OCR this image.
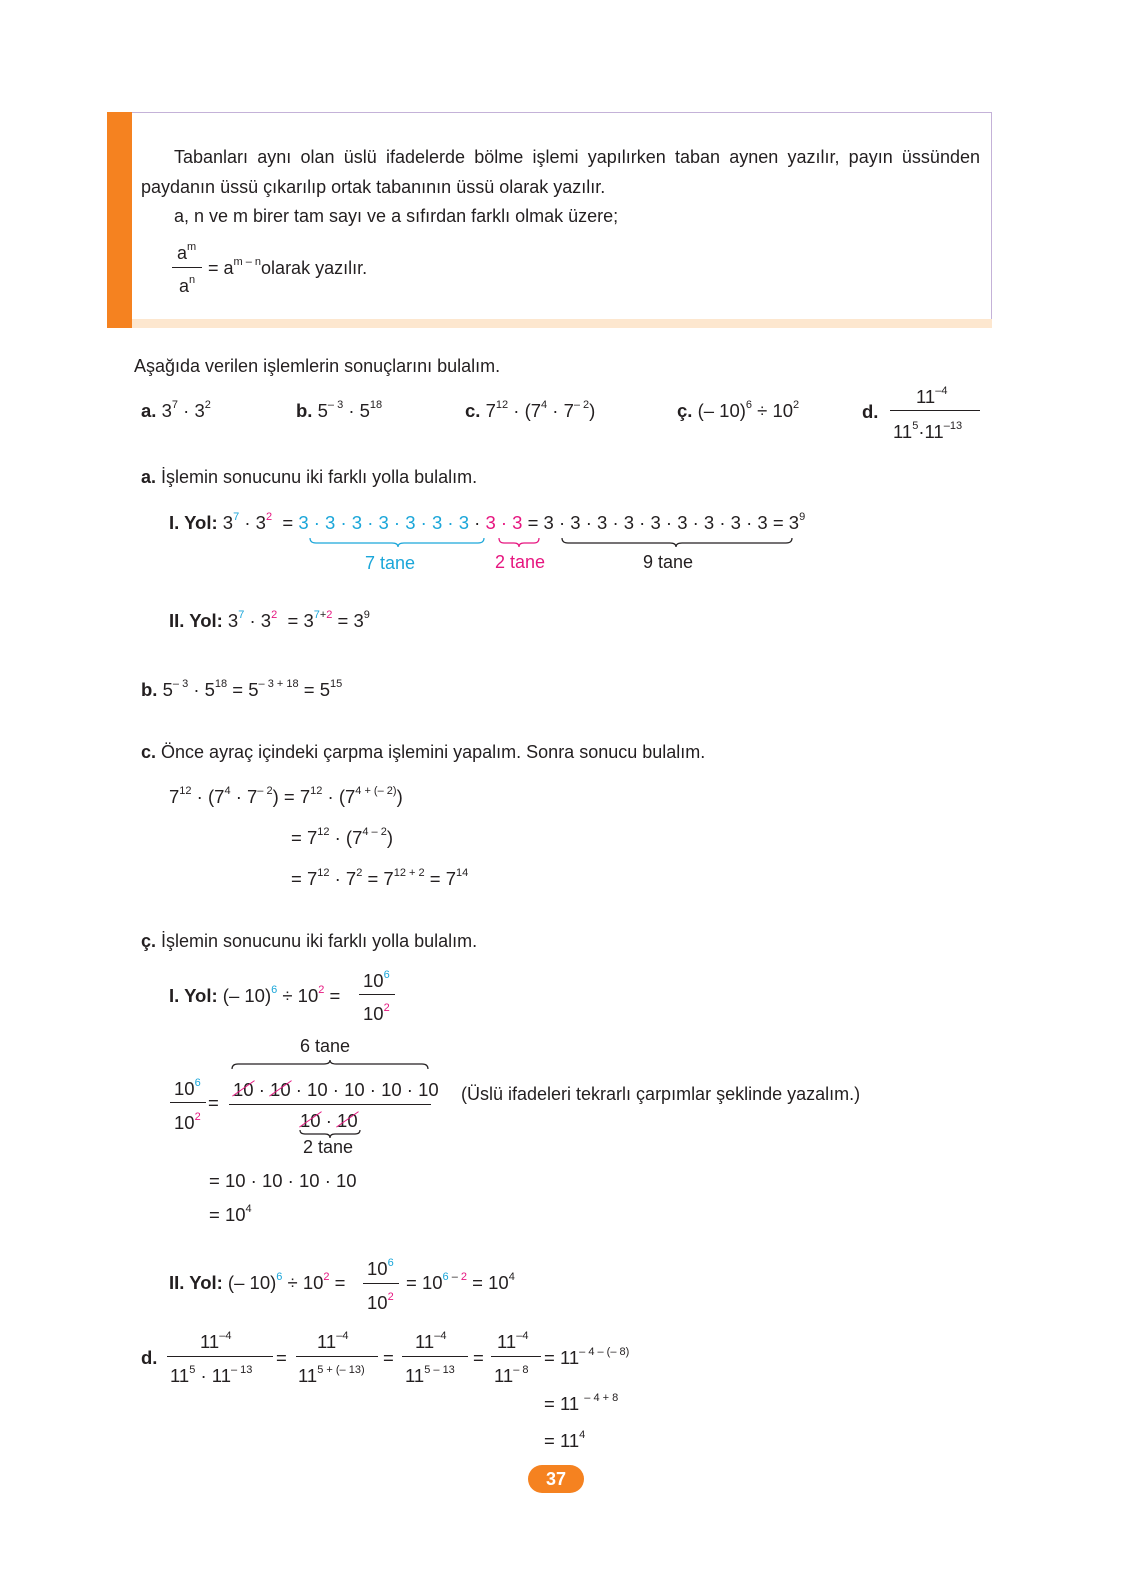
Tabanları aynı olan üslü ifadelerde bölme işlemi yapılırken taban aynen yazılır, payın üssünden
paydanın üssü çıkarılıp ortak tabanının üssü olarak yazılır.
a, n ve m birer tam sayı ve a sıfırdan farklı olmak üzere;
$a^m$
$a^n$
= $a^{m - n}olarak$ yazılır.
Aşağıda verilen işlemlerin sonuçlarını bulalım.
a. $3^7 \cdot 3^2$	b. $5^{- 3} \cdot 5^{18}$	c. $7^{12} \cdot (7^4 \cdot 7^{- 2})$	ç. (– $10)^6 \div 10^2$	d.
$11^{-4}$
$11^5\cdot 11^{-13}$
a. İşlemin sonucunu iki farklı yolla bulalım.
I. Yol: $3^7 \cdot 3^2 = 3 \cdot 3 \cdot 3 \cdot 3 \cdot 3 \cdot 3 \cdot 3 \cdot 3 \cdot 3 = 3 \cdot 3 \cdot 3 \cdot 3 \cdot 3 \cdot 3 \cdot 3 \cdot 3 \cdot 3 = 3^9$
7 tane	2 tane	9 tane
II. Yol: $3^7 \cdot 3^2 = 3^{7+2} = 3^9$
b. $5^{- 3} \cdot 5^{18} = 5^{- 3 + 18} = 5^{15}$
c. Önce ayraç içindeki çarpma işlemini yapalım. Sonra sonucu bulalım.
$7^{12} \cdot (7^4 \cdot 7^{- 2}) = 7^{12} \cdot (7^{4 + (- 2)})$
= $7^{12} \cdot (7^{4 - 2})$
= $7^{12} \cdot 7^2 = 7^{12 + 2} = 7^{14}$
ç. İşlemin sonucunu iki farklı yolla bulalım.
I. Yol: (– $10)^6 \div 10^2$ =
$10^6$
$10^2$
6 tane
$10^6$
$10^2$
=
10 · 10 · 10 · 10 · 10 · 10
10 · 10
2 tane
(Üslü ifadeleri tekrarlı çarpımlar şeklinde yazalım.)
= 10 · 10 · 10 · 10
= $10^4$
II. Yol: (– $10)^6 \div 10^2$ =
$10^6$
$10^2$
= $10^{6 - 2} = 10^4$
d.
$11^{-4}$
$11^5 \cdot 11^{- 13}$
=
$11^{-4}$
$11^{5 + (- 13)}$
=
$11^{-4}$
$11^{5 - 13}$
=
$11^{-4}$
$11^{- 8}$
= $11^{- 4 - (- 8)}$
= 11 $^{- 4 + 8}$
= $11^4$
37
